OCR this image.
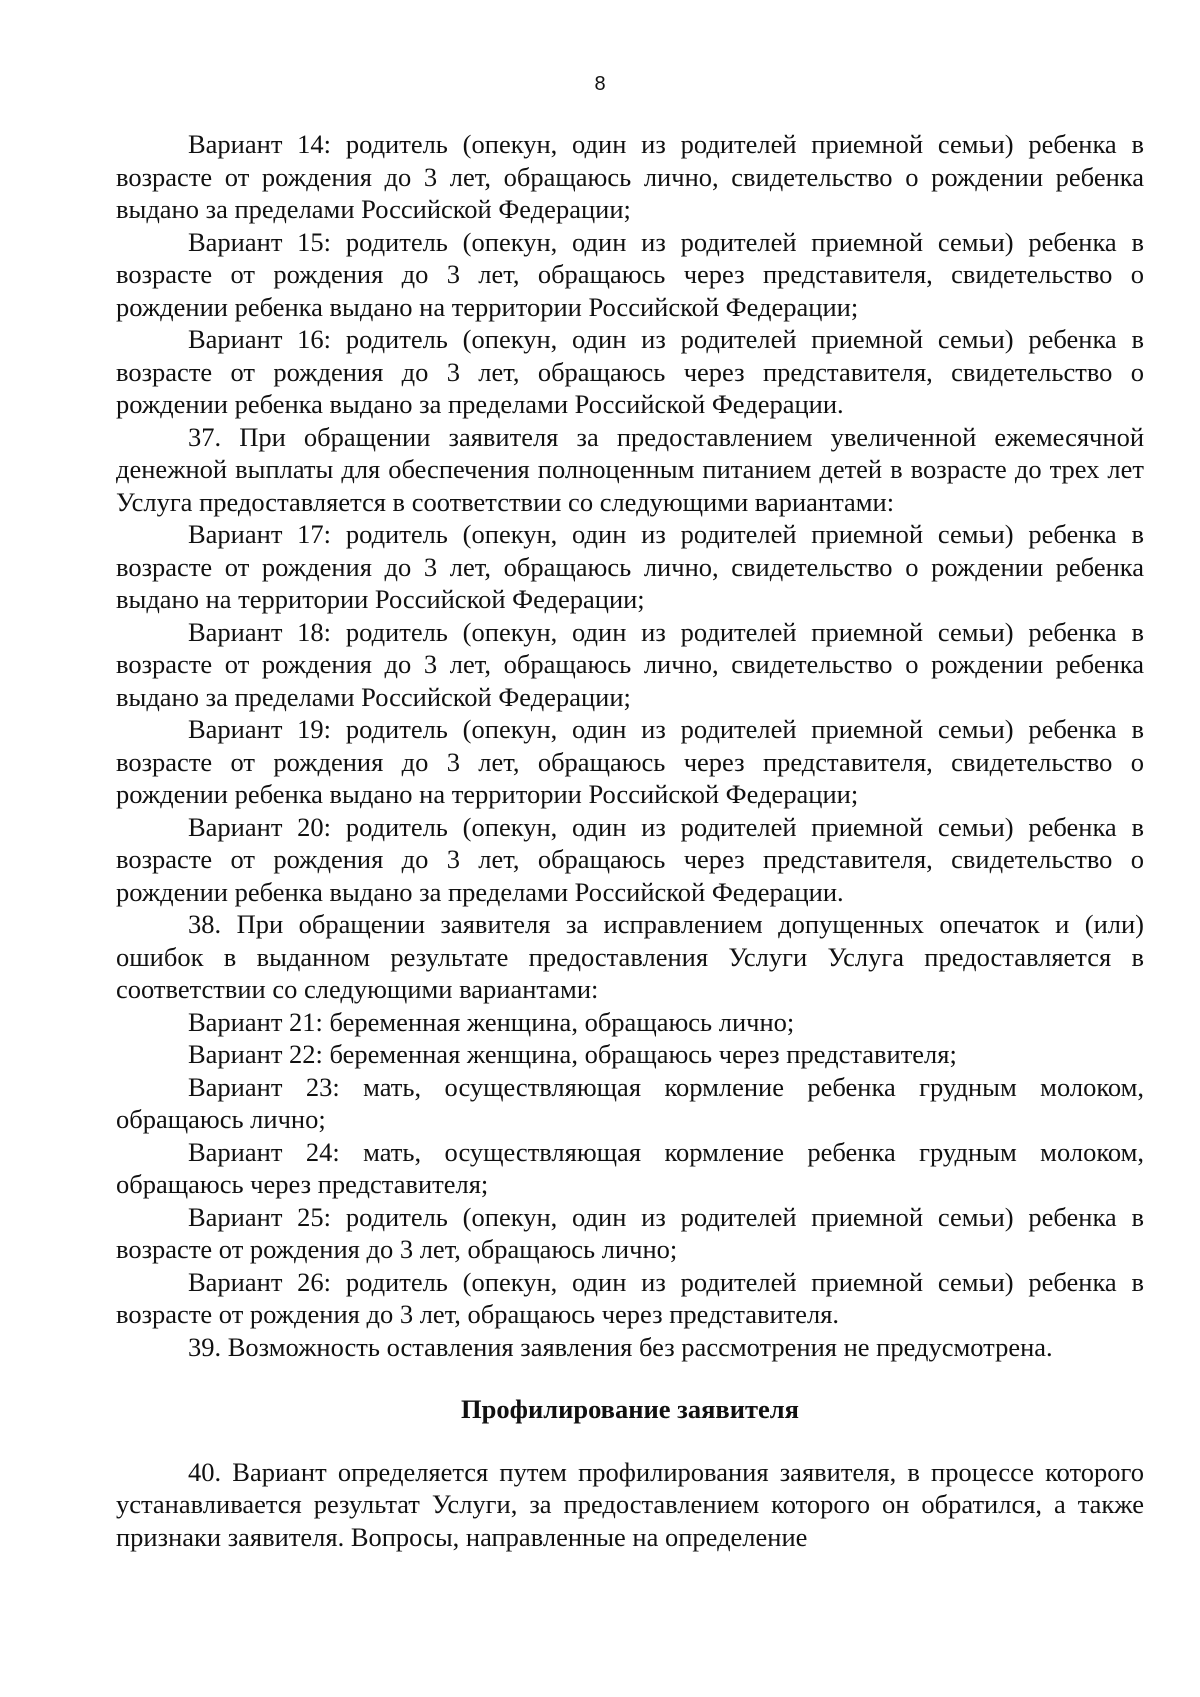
8

Вариант 14: родитель (опекун, один из родителей приемной семьи) ребенка в возрасте от рождения до 3 лет, обращаюсь лично, свидетельство о рождении ребенка выдано за пределами Российской Федерации;

Вариант 15: родитель (опекун, один из родителей приемной семьи) ребенка в возрасте от рождения до 3 лет, обращаюсь через представителя, свидетельство о рождении ребенка выдано на территории Российской Федерации;

Вариант 16: родитель (опекун, один из родителей приемной семьи) ребенка в возрасте от рождения до 3 лет, обращаюсь через представителя, свидетельство о рождении ребенка выдано за пределами Российской Федерации.

37. При обращении заявителя за предоставлением увеличенной ежемесячной денежной выплаты для обеспечения полноценным питанием детей в возрасте до трех лет Услуга предоставляется в соответствии со следующими вариантами:

Вариант 17: родитель (опекун, один из родителей приемной семьи) ребенка в возрасте от рождения до 3 лет, обращаюсь лично, свидетельство о рождении ребенка выдано на территории Российской Федерации;

Вариант 18: родитель (опекун, один из родителей приемной семьи) ребенка в возрасте от рождения до 3 лет, обращаюсь лично, свидетельство о рождении ребенка выдано за пределами Российской Федерации;

Вариант 19: родитель (опекун, один из родителей приемной семьи) ребенка в возрасте от рождения до 3 лет, обращаюсь через представителя, свидетельство о рождении ребенка выдано на территории Российской Федерации;

Вариант 20: родитель (опекун, один из родителей приемной семьи) ребенка в возрасте от рождения до 3 лет, обращаюсь через представителя, свидетельство о рождении ребенка выдано за пределами Российской Федерации.

38. При обращении заявителя за исправлением допущенных опечаток и (или) ошибок в выданном результате предоставления Услуги Услуга предоставляется в соответствии со следующими вариантами:

Вариант 21: беременная женщина, обращаюсь лично;

Вариант 22: беременная женщина, обращаюсь через представителя;

Вариант 23: мать, осуществляющая кормление ребенка грудным молоком, обращаюсь лично;

Вариант 24: мать, осуществляющая кормление ребенка грудным молоком, обращаюсь через представителя;

Вариант 25: родитель (опекун, один из родителей приемной семьи) ребенка в возрасте от рождения до 3 лет, обращаюсь лично;

Вариант 26: родитель (опекун, один из родителей приемной семьи) ребенка в возрасте от рождения до 3 лет, обращаюсь через представителя.

39. Возможность оставления заявления без рассмотрения не предусмотрена.

Профилирование заявителя

40. Вариант определяется путем профилирования заявителя, в процессе которого устанавливается результат Услуги, за предоставлением которого он обратился, а также признаки заявителя. Вопросы, направленные на определение
